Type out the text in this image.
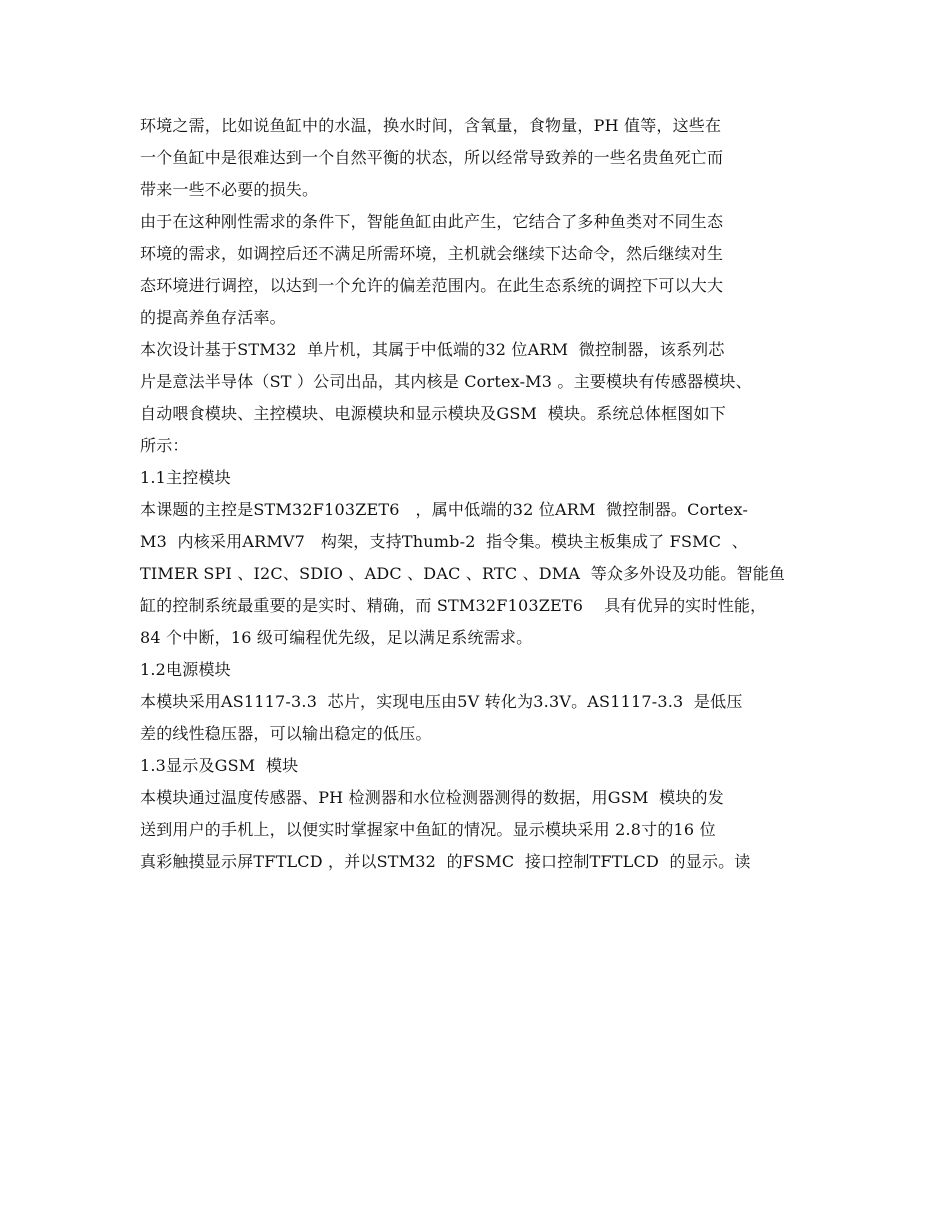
环境之需，比如说鱼缸中的水温，换水时间，含氧量，食物量，PH 值等，这些在
一个鱼缸中是很难达到一个自然平衡的状态，所以经常导致养的一些名贵鱼死亡而
带来一些不必要的损失。
由于在这种刚性需求的条件下，智能鱼缸由此产生，它结合了多种鱼类对不同生态
环境的需求，如调控后还不满足所需环境，主机就会继续下达命令，然后继续对生
态环境进行调控，以达到一个允许的偏差范围内。在此生态系统的调控下可以大大
的提高养鱼存活率。
本次设计基于STM32  单片机，其属于中低端的32 位ARM  微控制器，该系列芯
片是意法半导体（ST ）公司出品，其内核是 Cortex-M3 。主要模块有传感器模块、
自动喂食模块、主控模块、电源模块和显示模块及GSM  模块。系统总体框图如下
所示：
1.1主控模块
本课题的主控是STM32F103ZET6   ，属中低端的32 位ARM  微控制器。Cortex-
M3  内核采用ARMV7   构架，支持Thumb-2  指令集。模块主板集成了 FSMC  、
TIMER SPI 、I2C、SDIO 、ADC 、DAC 、RTC 、DMA  等众多外设及功能。智能鱼
缸的控制系统最重要的是实时、精确，而 STM32F103ZET6    具有优异的实时性能，
84 个中断，16 级可编程优先级，足以满足系统需求。
1.2电源模块
本模块采用AS1117-3.3  芯片，实现电压由5V 转化为3.3V。AS1117-3.3  是低压
差的线性稳压器，可以输出稳定的低压。
1.3显示及GSM  模块
本模块通过温度传感器、PH 检测器和水位检测器测得的数据，用GSM  模块的发
送到用户的手机上，以便实时掌握家中鱼缸的情况。显示模块采用 2.8寸的16 位
真彩触摸显示屏TFTLCD ，并以STM32  的FSMC  接口控制TFTLCD  的显示。读
